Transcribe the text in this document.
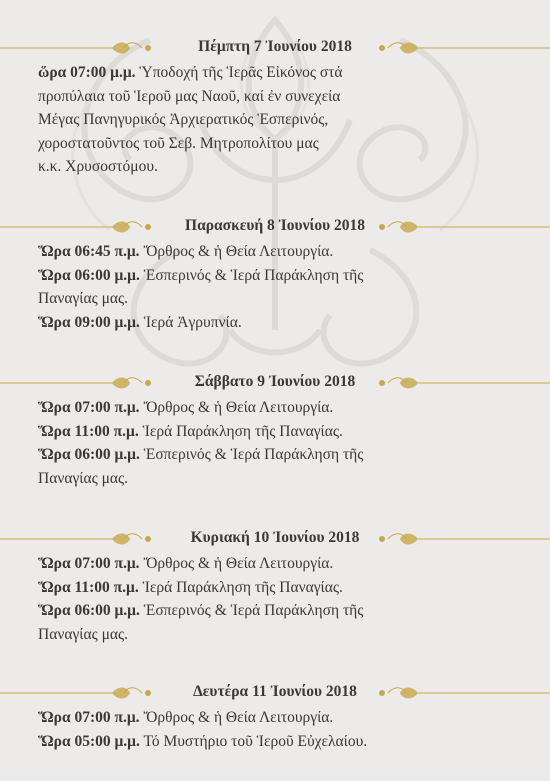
Πέμπτη 7 Ἰουνίου 2018
ὥρα 07:00 μ.μ. Ὑποδοχή τῆς Ἱερᾶς Εἰκόνος στά
προπύλαια τοῦ Ἱεροῦ μας Ναοῦ, καί ἐν συνεχεία
Μέγας Πανηγυρικός Ἀρχιερατικός Ἑσπερινός,
χοροστατοῦντος τοῦ Σεβ. Μητροπολίτου μας
κ.κ. Χρυσοστόμου.
Παρασκευή 8 Ἰουνίου 2018
Ὥρα 06:45 π.μ. Ὄρθρος & ἡ Θεία Λειτουργία.
Ὥρα 06:00 μ.μ. Ἑσπερινός & Ἱερά Παράκληση τῆς
Παναγίας μας.
Ὥρα 09:00 μ.μ. Ἱερά Ἀγρυπνία.
Σάββατο 9 Ἰουνίου 2018
Ὥρα 07:00 π.μ. Ὄρθρος & ἡ Θεία Λειτουργία.
Ὥρα 11:00 π.μ. Ἱερά Παράκληση τῆς Παναγίας.
Ὥρα 06:00 μ.μ. Ἑσπερινός & Ἱερά Παράκληση τῆς
Παναγίας μας.
Κυριακή 10 Ἰουνίου 2018
Ὥρα 07:00 π.μ. Ὄρθρος & ἡ Θεία Λειτουργία.
Ὥρα 11:00 π.μ. Ἱερά Παράκληση τῆς Παναγίας.
Ὥρα 06:00 μ.μ. Ἑσπερινός & Ἱερά Παράκληση τῆς
Παναγίας μας.
Δευτέρα 11 Ἰουνίου 2018
Ὥρα 07:00 π.μ. Ὄρθρος & ἡ Θεία Λειτουργία.
Ὥρα 05:00 μ.μ. Τό Μυστήριο τοῦ Ἱεροῦ Εὐχελαίου.
